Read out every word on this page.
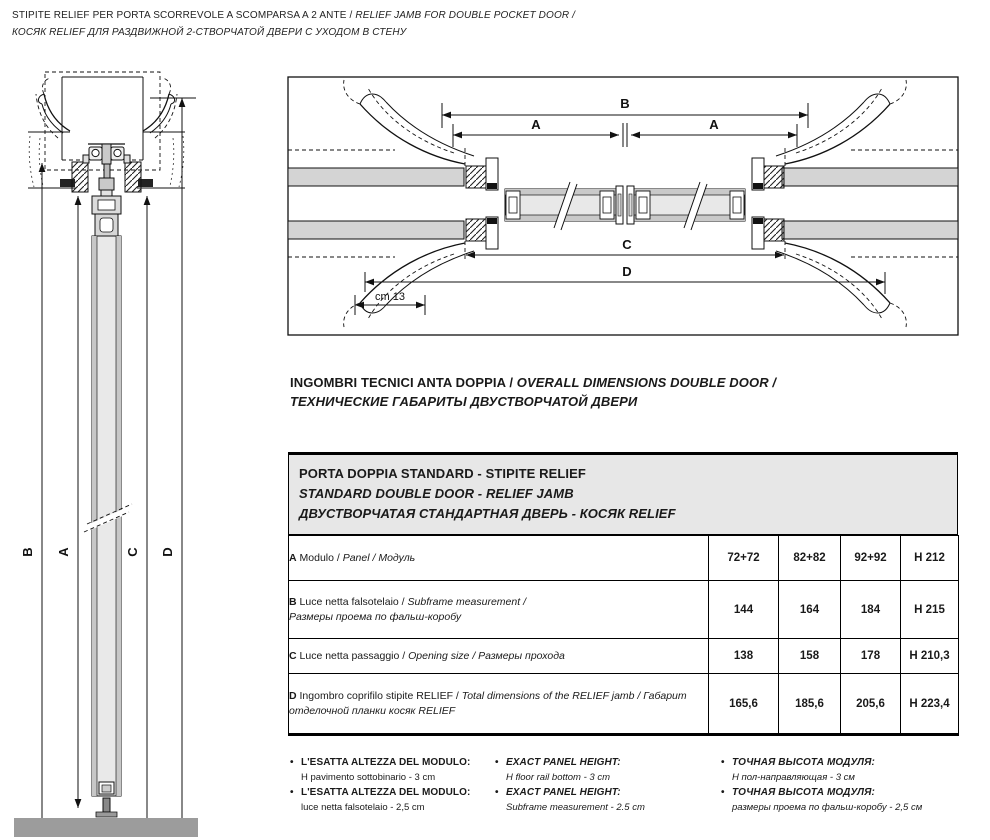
STIPITE RELIEF PER PORTA SCORREVOLE A SCOMPARSA A 2 ANTE / RELIEF JAMB FOR DOUBLE POCKET DOOR /
КОСЯК RELIEF ДЛЯ РАЗДВИЖНОЙ 2-СТВОРЧАТОЙ ДВЕРИ С УХОДОМ В СТЕНУ
B A	C D
B
A	A
C
D
cm 13
INGOMBRI TECNICI ANTA DOPPIA / OVERALL DIMENSIONS DOUBLE DOOR /
ТЕХНИЧЕСКИЕ ГАБАРИТЫ ДВУСТВОРЧАТОЙ ДВЕРИ
PORTA DOPPIA STANDARD - STIPITE RELIEF
STANDARD DOUBLE DOOR - RELIEF JAMB
ДВУСТВОРЧАТАЯ СТАНДАРТНАЯ ДВЕРЬ - КОСЯК RELIEF
A Modulo / Panel / Модуль	72+72	82+82	92+92	H 212

B Luce netta falsotelaio / Subframe measurement /
Размеры проема по фальш-коробу	144	164	184	H 215

C Luce netta passaggio / Opening size / Размеры прохода	138	158	178	H 210,3

D Ingombro coprifilo stipite RELIEF / Total dimensions of the RELIEF jamb / Габарит отделочной планки косяк RELIEF	165,6	185,6	205,6	H 223,4
• L'ESATTA ALTEZZA DEL MODULO:
H pavimento sottobinario - 3 cm
• L'ESATTA ALTEZZA DEL MODULO:
luce netta falsotelaio - 2,5 cm
• EXACT PANEL HEIGHT:
H floor rail bottom - 3 cm
• EXACT PANEL HEIGHT:
Subframe measurement - 2.5 cm
• ТОЧНАЯ ВЫСОТА МОДУЛЯ:
Н пол-направляющая - 3 см
• ТОЧНАЯ ВЫСОТА МОДУЛЯ:
размеры проема по фальш-коробу - 2,5 см
